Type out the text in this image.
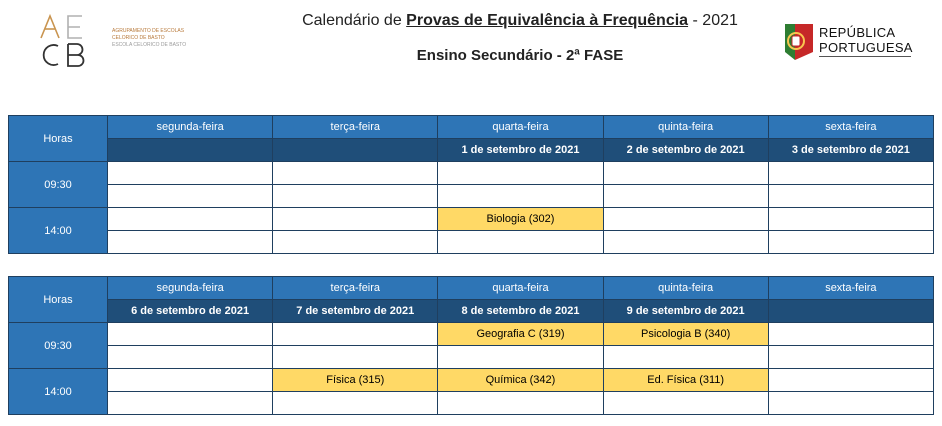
AGRUPAMENTO DE ESCOLAS
CELORICO DE BASTO
ESCOLA CELORICO DE BASTO
Calendário de Provas de Equivalência à Frequência - 2021
Ensino Secundário - 2ª FASE
REPÚBLICA
PORTUGUESA
Horas	segunda-feira	terça-feira	quarta-feira	quinta-feira	sexta-feira
			1 de setembro de 2021	2 de setembro de 2021	3 de setembro de 2021
09:30					

14:00			Biologia (302)		

Horas	segunda-feira	terça-feira	quarta-feira	quinta-feira	sexta-feira
	6 de setembro de 2021	7 de setembro de 2021	8 de setembro de 2021	9 de setembro de 2021	
09:30			Geografia C (319)	Psicologia B (340)	

14:00		Física (315)	Química (342)	Ed. Física (311)	
